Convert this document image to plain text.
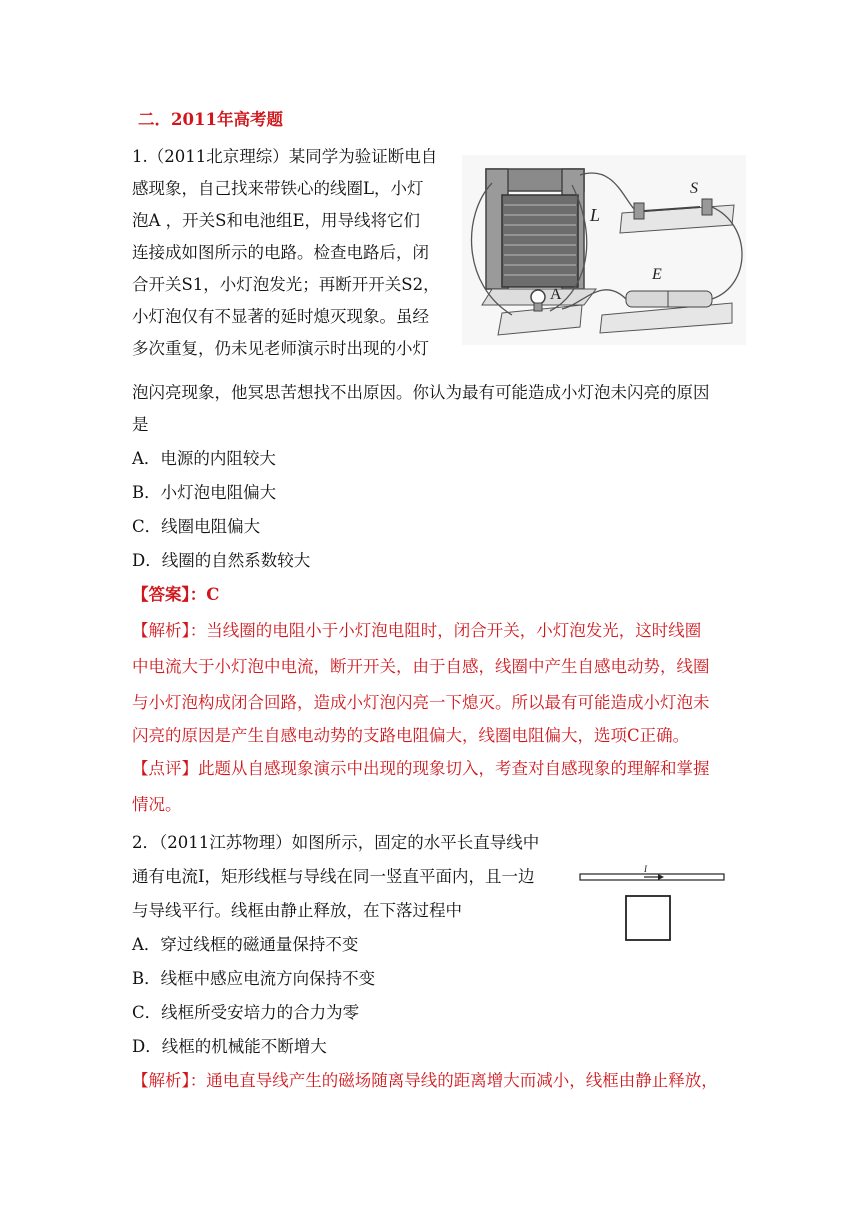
二．2011年高考题
1.（2011北京理综）某同学为验证断电自
感现象，自己找来带铁心的线圈L，小灯
泡A ，开关S和电池组E，用导线将它们
连接成如图所示的电路。检查电路后，闭
合开关S1，小灯泡发光；再断开开关S2，
小灯泡仅有不显著的延时熄灭现象。虽经
多次重复，仍未见老师演示时出现的小灯
泡闪亮现象，他冥思苦想找不出原因。你认为最有可能造成小灯泡未闪亮的原因
是
A．电源的内阻较大
B．小灯泡电阻偏大
C．线圈电阻偏大
D．线圈的自然系数较大
【答案】：C
【解析】：当线圈的电阻小于小灯泡电阻时，闭合开关，小灯泡发光，这时线圈
中电流大于小灯泡中电流，断开开关，由于自感，线圈中产生自感电动势，线圈
与小灯泡构成闭合回路，造成小灯泡闪亮一下熄灭。所以最有可能造成小灯泡未
闪亮的原因是产生自感电动势的支路电阻偏大，线圈电阻偏大，选项C正确。
【点评】此题从自感现象演示中出现的现象切入，考查对自感现象的理解和掌握
情况。
L
S
E
A
2．（2011江苏物理）如图所示，固定的水平长直导线中
通有电流I，矩形线框与导线在同一竖直平面内，且一边
与导线平行。线框由静止释放，在下落过程中
A．穿过线框的磁通量保持不变
B．线框中感应电流方向保持不变
C．线框所受安培力的合力为零
D．线框的机械能不断增大
【解析】：通电直导线产生的磁场随离导线的距离增大而减小，线框由静止释放，
I
